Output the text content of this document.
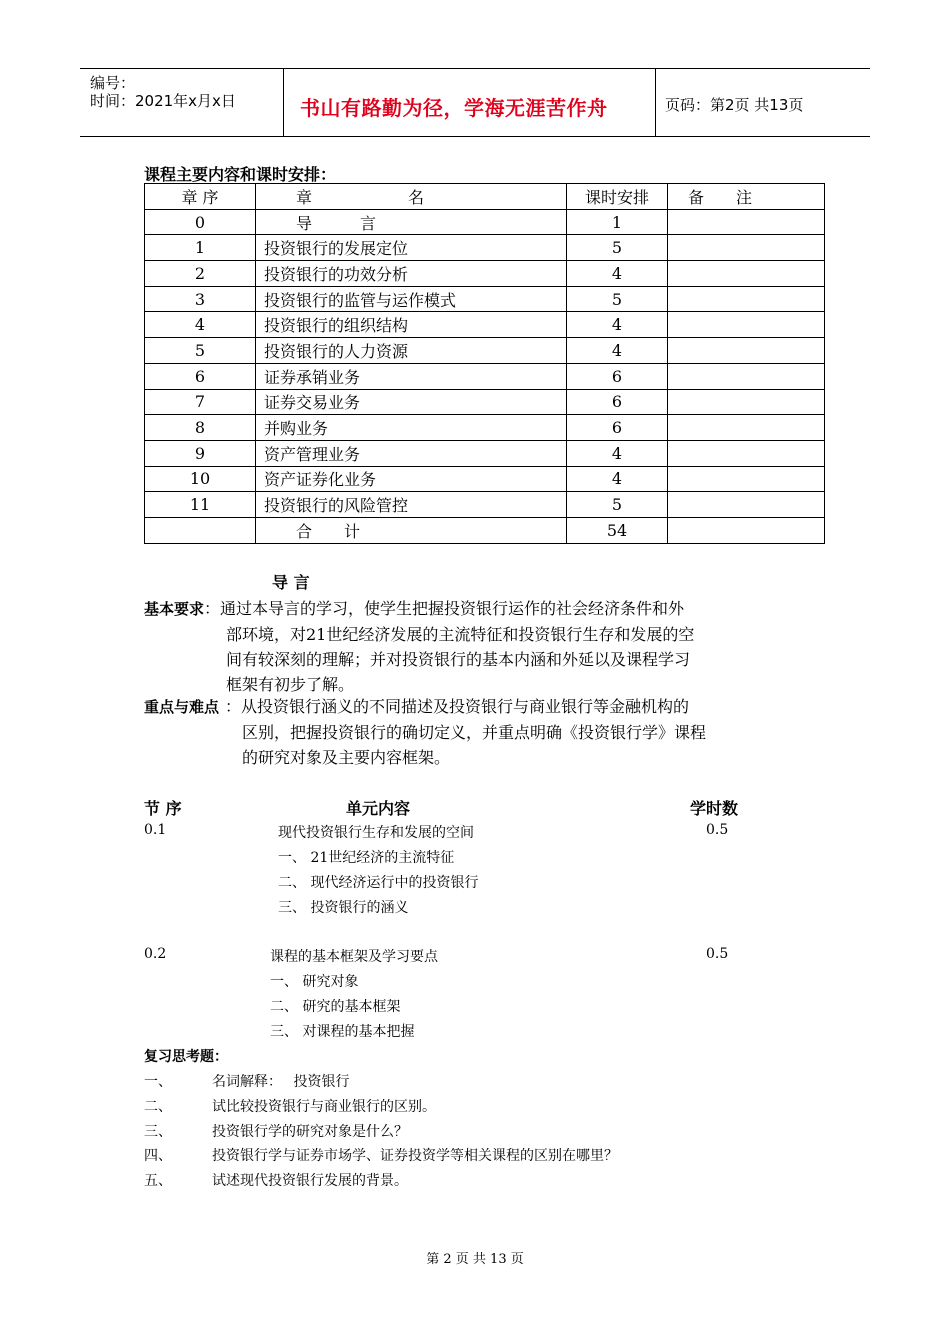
编号：
时间：2021年x月x日	书山有路勤为径，学海无涯苦作舟	页码：第2页 共13页
课程主要内容和课时安排：
章 序	章　　　　　　名	课时安排	备　　注
0	导　　　言	1	
1	投资银行的发展定位	5	
2	投资银行的功效分析	4	
3	投资银行的监管与运作模式	5	
4	投资银行的组织结构	4	
5	投资银行的人力资源	4	
6	证券承销业务	6	
7	证券交易业务	6	
8	并购业务	6	
9	资产管理业务	4	
10	资产证券化业务	4	
11	投资银行的风险管控	5	
	合　　计	54	
导 言
基本要求：通过本导言的学习，使学生把握投资银行运作的社会经济条件和外
部环境，对21世纪经济发展的主流特征和投资银行生存和发展的空
间有较深刻的理解；并对投资银行的基本内涵和外延以及课程学习
框架有初步了解。
重点与难点 ：从投资银行涵义的不同描述及投资银行与商业银行等金融机构的
区别，把握投资银行的确切定义，并重点明确《投资银行学》课程
的研究对象及主要内容框架。
节 序	单元内容	学时数
0.1	现代投资银行生存和发展的空间	0.5
一、 21世纪经济的主流特征
二、 现代经济运行中的投资银行
三、 投资银行的涵义
0.2	课程的基本框架及学习要点	0.5
一、 研究对象
二、 研究的基本框架
三、 对课程的基本把握
复习思考题：
一、	名词解释：　 投资银行
二、	试比较投资银行与商业银行的区别。
三、	投资银行学的研究对象是什么？
四、	投资银行学与证券市场学、证券投资学等相关课程的区别在哪里？
五、	试述现代投资银行发展的背景。
第 2 页 共 13 页
